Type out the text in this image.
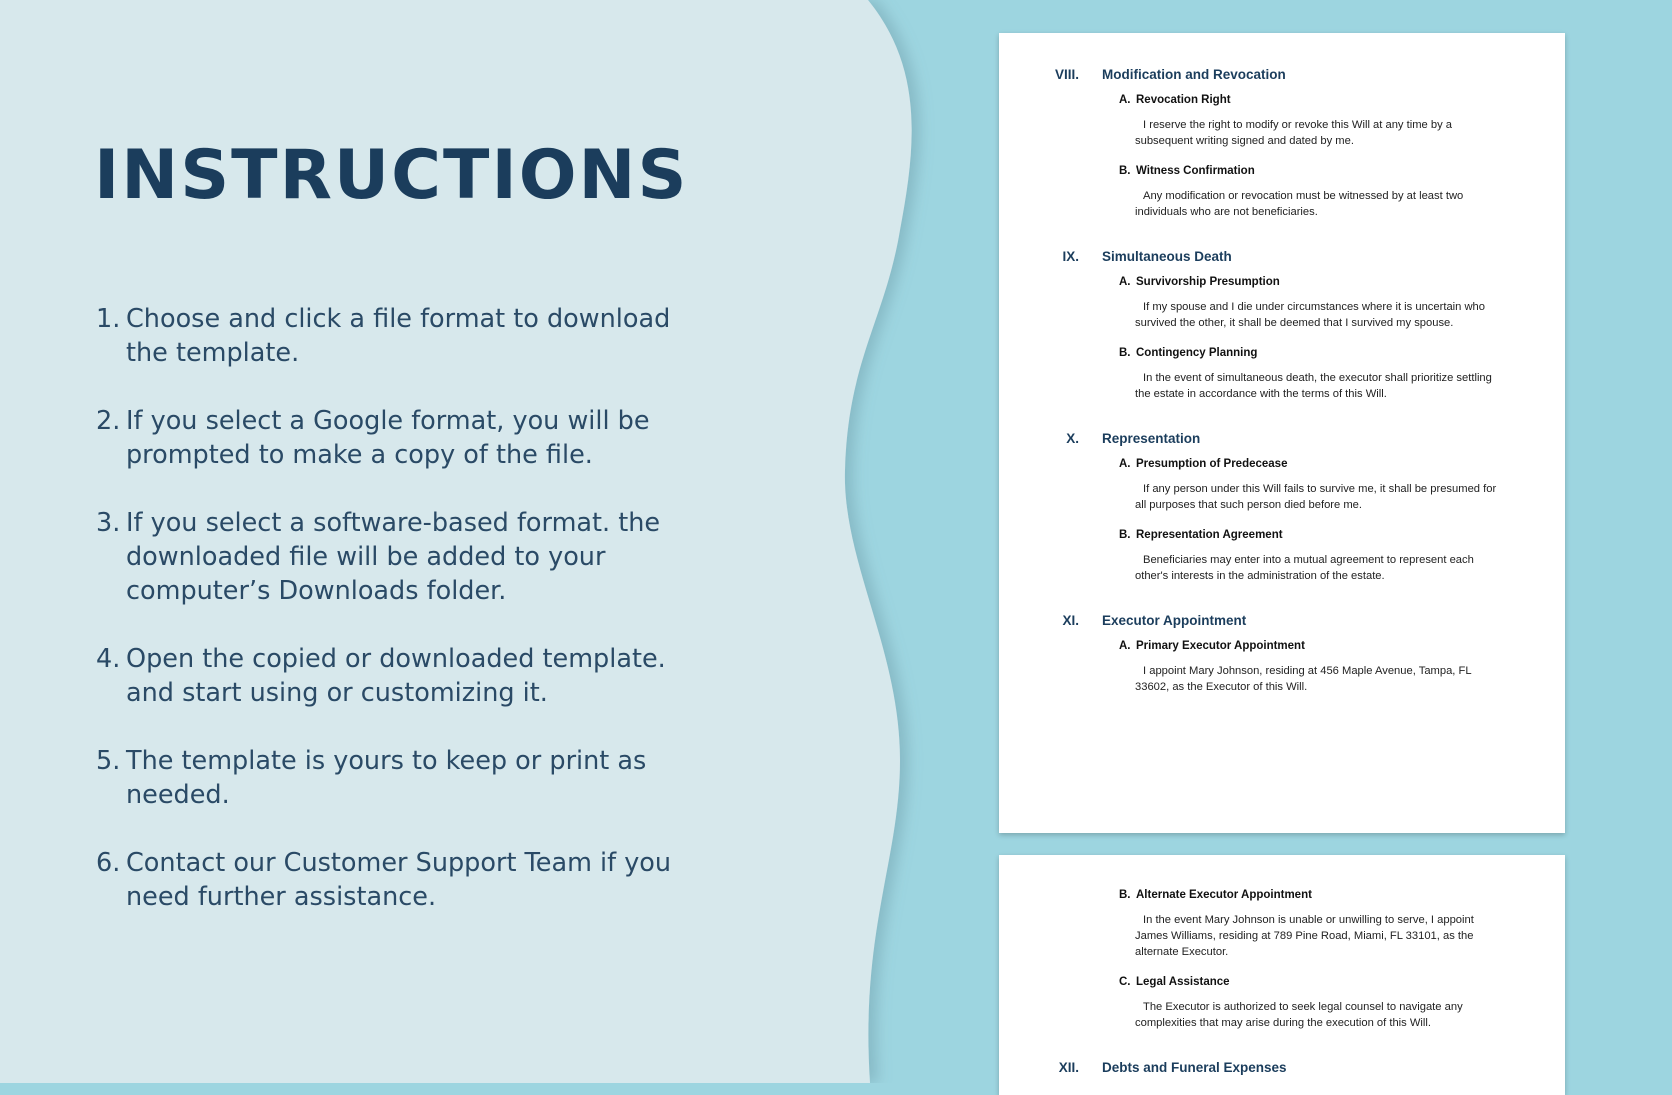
INSTRUCTIONS
1. Choose and click a file format to download the template.
2. If you select a Google format, you will be prompted to make a copy of the file.
3. If you select a software-based format. the downloaded file will be added to your computer’s Downloads folder.
4. Open the copied or downloaded template. and start using or customizing it.
5. The template is yours to keep or print as needed.
6. Contact our Customer Support Team if you need further assistance.
VIII. Modification and Revocation
A. Revocation Right
I reserve the right to modify or revoke this Will at any time by a subsequent writing signed and dated by me.
B. Witness Confirmation
Any modification or revocation must be witnessed by at least two individuals who are not beneficiaries.
IX. Simultaneous Death
A. Survivorship Presumption
If my spouse and I die under circumstances where it is uncertain who survived the other, it shall be deemed that I survived my spouse.
B. Contingency Planning
In the event of simultaneous death, the executor shall prioritize settling the estate in accordance with the terms of this Will.
X. Representation
A. Presumption of Predecease
If any person under this Will fails to survive me, it shall be presumed for all purposes that such person died before me.
B. Representation Agreement
Beneficiaries may enter into a mutual agreement to represent each other's interests in the administration of the estate.
XI. Executor Appointment
A. Primary Executor Appointment
I appoint Mary Johnson, residing at 456 Maple Avenue, Tampa, FL 33602, as the Executor of this Will.
B. Alternate Executor Appointment
In the event Mary Johnson is unable or unwilling to serve, I appoint James Williams, residing at 789 Pine Road, Miami, FL 33101, as the alternate Executor.
C. Legal Assistance
The Executor is authorized to seek legal counsel to navigate any complexities that may arise during the execution of this Will.
XII. Debts and Funeral Expenses
